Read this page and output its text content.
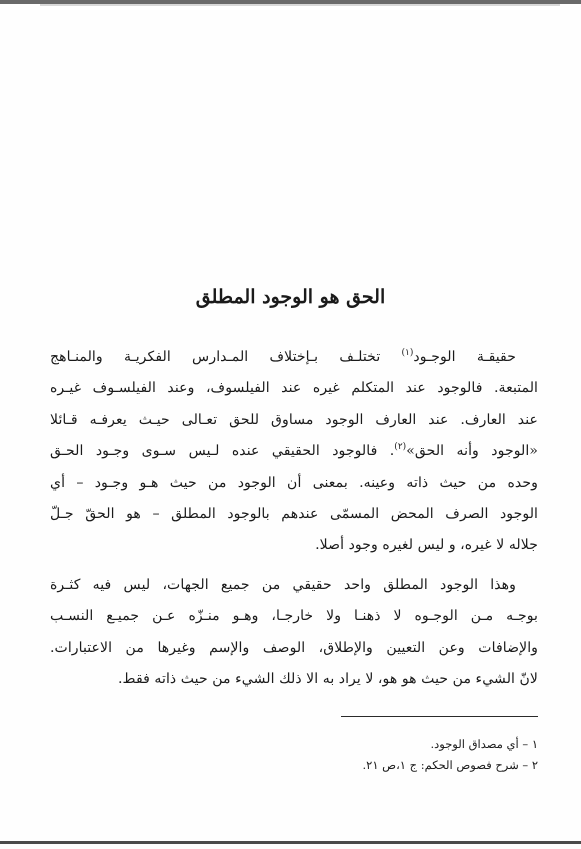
الحق هو الوجود المطلق

حقيقـة الوجـود$^{(١)}$ تختلـف بـإختلاف المـدارس الفكريـة والمنـاهج
المتبعة. فالوجود عند المتكلم غيره عند الفيلسوف، وعند الفيلسـوف غيـره
عند العارف. عند العارف الوجود مساوق للحق تعـالى حيـث يعرفـه قـائلا
«الوجود وأنه الحق»$^{(٢)}$. فالوجود الحقيقي عنده لـيس سـوى وجـود الحـق
وحده من حيث ذاته وعينه. بمعنى أن الوجود من حيث هـو وجـود – أي
الوجود الصرف المحض المسمّى عندهم بالوجود المطلق – هو الحقّ جـلّ
جلاله لا غيره، و ليس لغيره وجود أصلا.

وهذا الوجود المطلق واحد حقيقي من جميع الجهات، ليس فيه كثـرة
بوجـه مـن الوجـوه لا ذهنـا ولا خارجـا، وهـو منـزّه عـن جميـع النسـب
والإضافات وعن التعيين والإطلاق، الوصف والإسم وغيرها من الاعتبارات.
لانّ الشيء من حيث هو هو، لا يراد به الا ذلك الشيء من حيث ذاته فقط.

١ – أي مصداق الوجود.
٢ – شرح فصوص الحكم: ج ١،ص ٢١.
